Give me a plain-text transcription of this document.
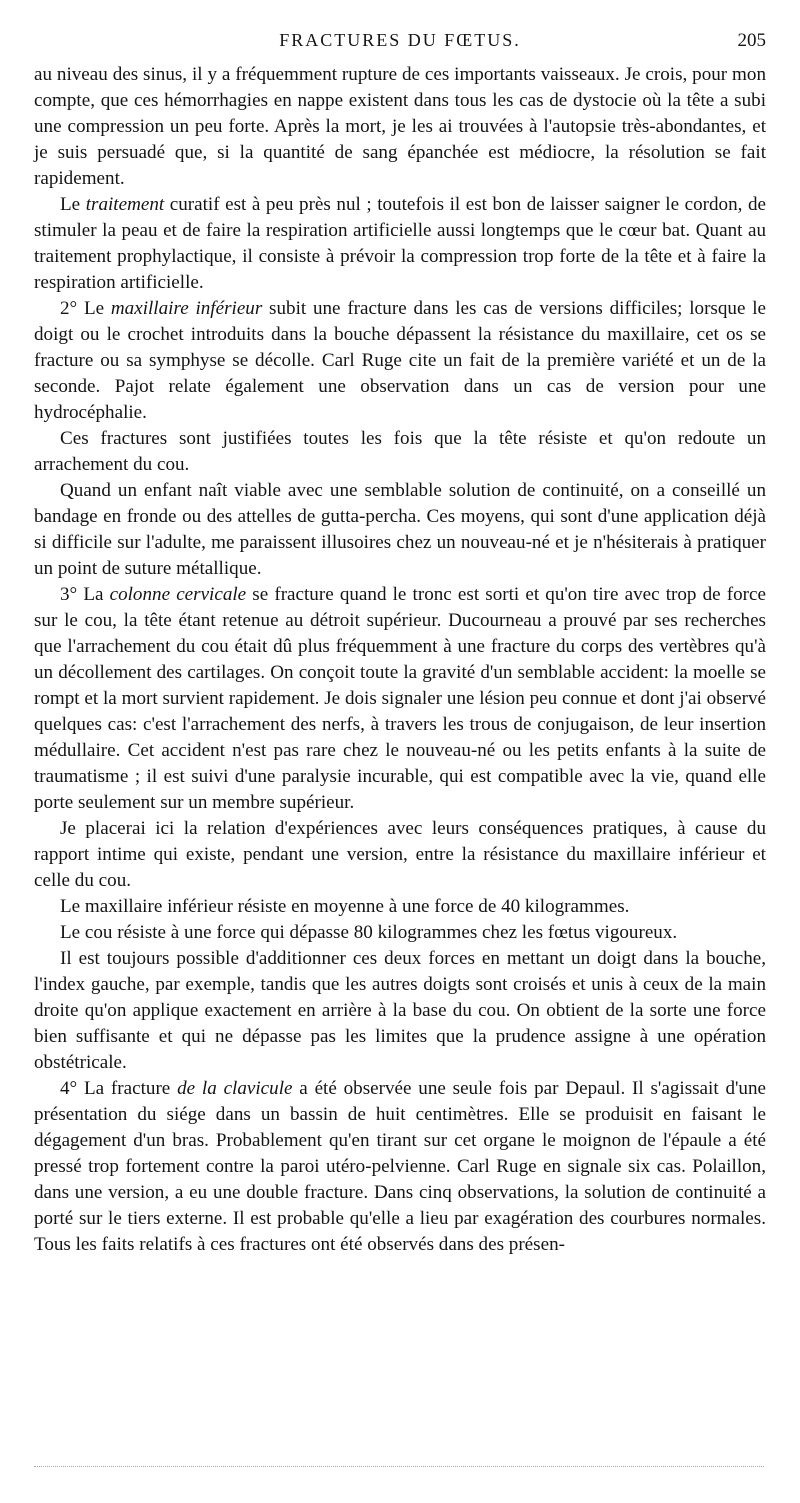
FRACTURES DU FŒTUS.	205

au niveau des sinus, il y a fréquemment rupture de ces importants vaisseaux. Je crois, pour mon compte, que ces hémorrhagies en nappe existent dans tous les cas de dystocie où la tête a subi une compression un peu forte. Après la mort, je les ai trouvées à l'autopsie très-abondantes, et je suis persuadé que, si la quantité de sang épanchée est médiocre, la résolution se fait rapidement.

Le traitement curatif est à peu près nul ; toutefois il est bon de laisser saigner le cordon, de stimuler la peau et de faire la respiration artificielle aussi longtemps que le cœur bat. Quant au traitement prophylactique, il consiste à prévoir la compression trop forte de la tête et à faire la respiration artificielle.

2° Le maxillaire inférieur subit une fracture dans les cas de versions difficiles; lorsque le doigt ou le crochet introduits dans la bouche dépassent la résistance du maxillaire, cet os se fracture ou sa symphyse se décolle. Carl Ruge cite un fait de la première variété et un de la seconde. Pajot relate également une observation dans un cas de version pour une hydrocéphalie.

Ces fractures sont justifiées toutes les fois que la tête résiste et qu'on redoute un arrachement du cou.

Quand un enfant naît viable avec une semblable solution de continuité, on a conseillé un bandage en fronde ou des attelles de gutta-percha. Ces moyens, qui sont d'une application déjà si difficile sur l'adulte, me paraissent illusoires chez un nouveau-né et je n'hésiterais à pratiquer un point de suture métallique.

3° La colonne cervicale se fracture quand le tronc est sorti et qu'on tire avec trop de force sur le cou, la tête étant retenue au détroit supérieur. Ducourneau a prouvé par ses recherches que l'arrachement du cou était dû plus fréquemment à une fracture du corps des vertèbres qu'à un décollement des cartilages. On conçoit toute la gravité d'un semblable accident: la moelle se rompt et la mort survient rapidement. Je dois signaler une lésion peu connue et dont j'ai observé quelques cas: c'est l'arrachement des nerfs, à travers les trous de conjugaison, de leur insertion médullaire. Cet accident n'est pas rare chez le nouveau-né ou les petits enfants à la suite de traumatisme ; il est suivi d'une paralysie incurable, qui est compatible avec la vie, quand elle porte seulement sur un membre supérieur.

Je placerai ici la relation d'expériences avec leurs conséquences pratiques, à cause du rapport intime qui existe, pendant une version, entre la résistance du maxillaire inférieur et celle du cou.

Le maxillaire inférieur résiste en moyenne à une force de 40 kilogrammes.

Le cou résiste à une force qui dépasse 80 kilogrammes chez les fœtus vigoureux.

Il est toujours possible d'additionner ces deux forces en mettant un doigt dans la bouche, l'index gauche, par exemple, tandis que les autres doigts sont croisés et unis à ceux de la main droite qu'on applique exactement en arrière à la base du cou. On obtient de la sorte une force bien suffisante et qui ne dépasse pas les limites que la prudence assigne à une opération obstétricale.

4° La fracture de la clavicule a été observée une seule fois par Depaul. Il s'agissait d'une présentation du siége dans un bassin de huit centimètres. Elle se produisit en faisant le dégagement d'un bras. Probablement qu'en tirant sur cet organe le moignon de l'épaule a été pressé trop fortement contre la paroi utéro-pelvienne. Carl Ruge en signale six cas. Polaillon, dans une version, a eu une double fracture. Dans cinq observations, la solution de continuité a porté sur le tiers externe. Il est probable qu'elle a lieu par exagération des courbures normales. Tous les faits relatifs à ces fractures ont été observés dans des présen-
